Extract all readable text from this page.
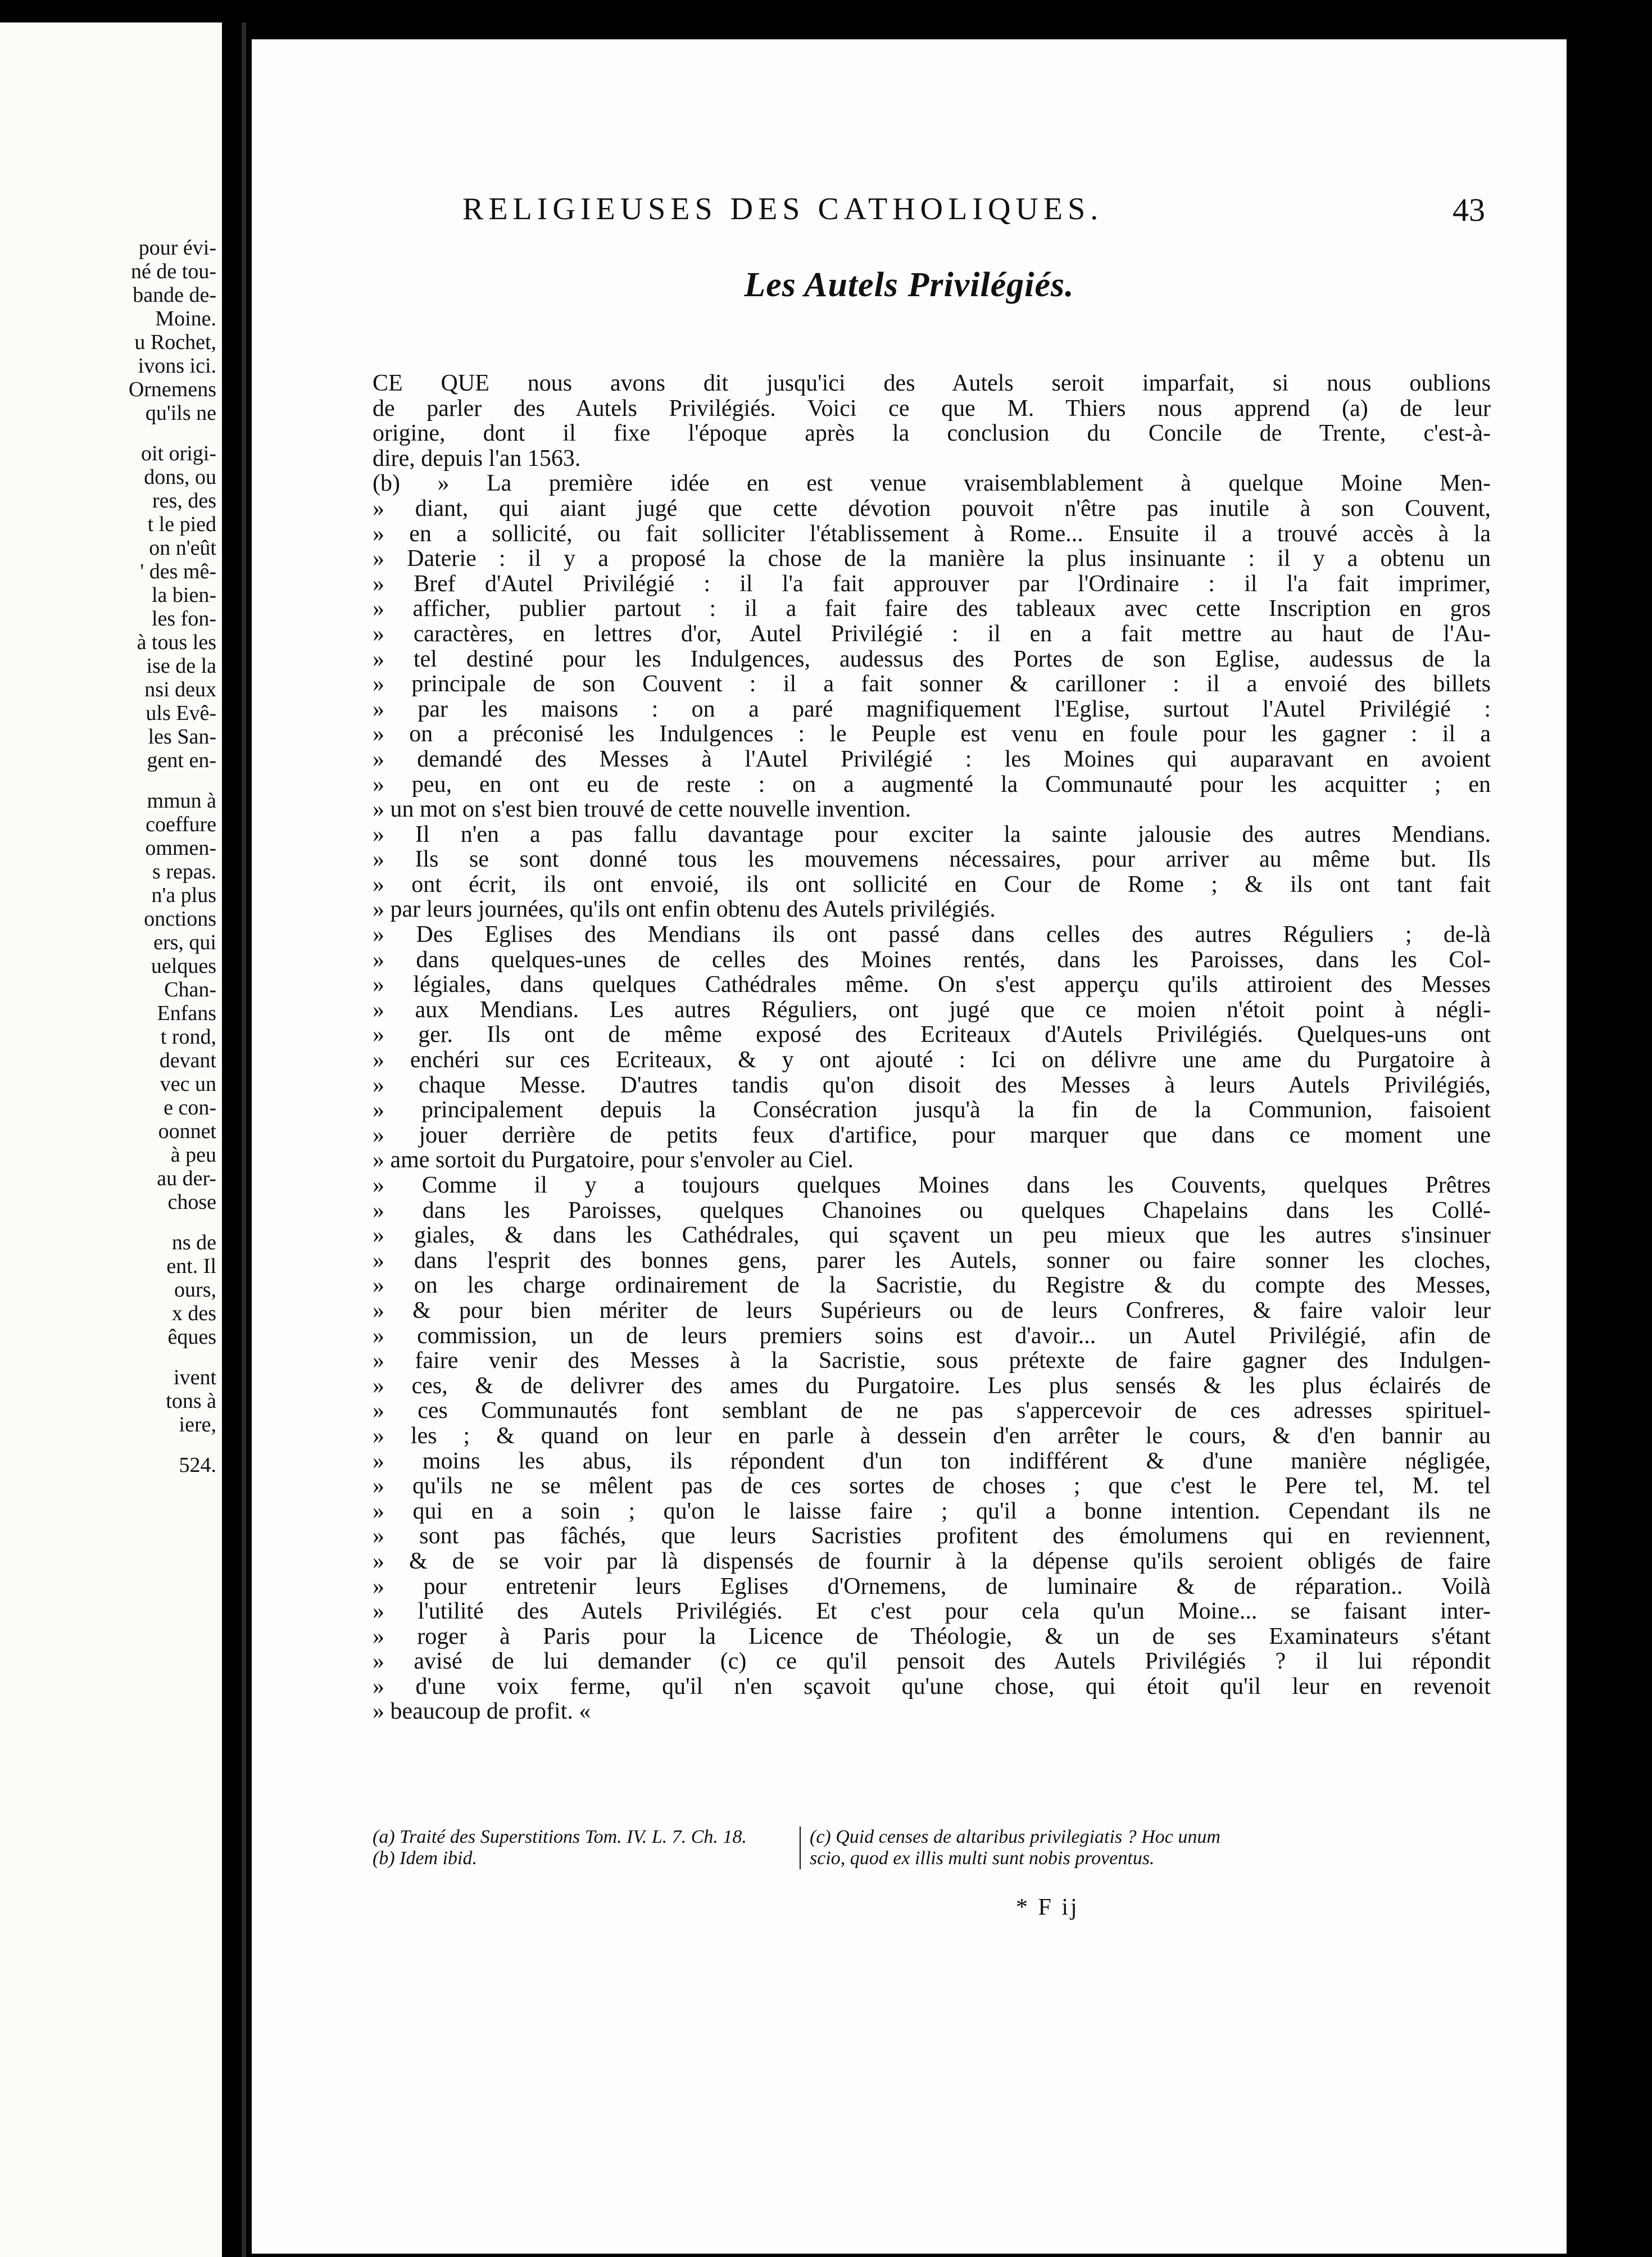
pour évi-
né de tou-
bande de-
Moine.
u Rochet,
ivons ici.
Ornemens
qu'ils ne
oit origi-
dons, ou
res, des
t le pied
on n'eût
' des mê-
la bien-
les fon-
à tous les
ise de la
nsi deux
uls Evê-
les San-
gent en-
mmun à
coeffure
ommen-
s repas.
n'a plus
onctions
ers, qui
uelques
Chan-
Enfans
t rond,
devant
vec un
e con-
oonnet
à peu
au der-
chose
ns de
ent. Il
ours,
x des
êques
ivent
tons à
iere,
524.
RELIGIEUSES DES CATHOLIQUES.	43
Les Autels Privilégiés.
CE QUE nous avons dit jusqu'ici des Autels seroit imparfait, si nous oublions
de parler des Autels Privilégiés. Voici ce que M. Thiers nous apprend (a) de leur
origine, dont il fixe l'époque après la conclusion du Concile de Trente, c'est-à-
dire, depuis l'an 1563.
(b) » La première idée en est venue vraisemblablement à quelque Moine Men-
» diant, qui aiant jugé que cette dévotion pouvoit n'être pas inutile à son Couvent,
» en a sollicité, ou fait solliciter l'établissement à Rome... Ensuite il a trouvé accès à la
» Daterie : il y a proposé la chose de la manière la plus insinuante : il y a obtenu un
» Bref d'Autel Privilégié : il l'a fait approuver par l'Ordinaire : il l'a fait imprimer,
» afficher, publier partout : il a fait faire des tableaux avec cette Inscription en gros
» caractères, en lettres d'or, Autel Privilégié : il en a fait mettre au haut de l'Au-
» tel destiné pour les Indulgences, audessus des Portes de son Eglise, audessus de la
» principale de son Couvent : il a fait sonner & carilloner : il a envoié des billets
» par les maisons : on a paré magnifiquement l'Eglise, surtout l'Autel Privilégié :
» on a préconisé les Indulgences : le Peuple est venu en foule pour les gagner : il a
» demandé des Messes à l'Autel Privilégié : les Moines qui auparavant en avoient
» peu, en ont eu de reste : on a augmenté la Communauté pour les acquitter ; en
» un mot on s'est bien trouvé de cette nouvelle invention.
» Il n'en a pas fallu davantage pour exciter la sainte jalousie des autres Mendians.
» Ils se sont donné tous les mouvemens nécessaires, pour arriver au même but. Ils
» ont écrit, ils ont envoié, ils ont sollicité en Cour de Rome ; & ils ont tant fait
» par leurs journées, qu'ils ont enfin obtenu des Autels privilégiés.
» Des Eglises des Mendians ils ont passé dans celles des autres Réguliers ; de-là
» dans quelques-unes de celles des Moines rentés, dans les Paroisses, dans les Col-
» légiales, dans quelques Cathédrales même. On s'est apperçu qu'ils attiroient des Messes
» aux Mendians. Les autres Réguliers, ont jugé que ce moien n'étoit point à négli-
» ger. Ils ont de même exposé des Ecriteaux d'Autels Privilégiés. Quelques-uns ont
» enchéri sur ces Ecriteaux, & y ont ajouté : Ici on délivre une ame du Purgatoire à
» chaque Messe. D'autres tandis qu'on disoit des Messes à leurs Autels Privilégiés,
» principalement depuis la Consécration jusqu'à la fin de la Communion, faisoient
» jouer derrière de petits feux d'artifice, pour marquer que dans ce moment une
» ame sortoit du Purgatoire, pour s'envoler au Ciel.
» Comme il y a toujours quelques Moines dans les Couvents, quelques Prêtres
» dans les Paroisses, quelques Chanoines ou quelques Chapelains dans les Collé-
» giales, & dans les Cathédrales, qui sçavent un peu mieux que les autres s'insinuer
» dans l'esprit des bonnes gens, parer les Autels, sonner ou faire sonner les cloches,
» on les charge ordinairement de la Sacristie, du Registre & du compte des Messes,
» & pour bien mériter de leurs Supérieurs ou de leurs Confreres, & faire valoir leur
» commission, un de leurs premiers soins est d'avoir... un Autel Privilégié, afin de
» faire venir des Messes à la Sacristie, sous prétexte de faire gagner des Indulgen-
» ces, & de delivrer des ames du Purgatoire. Les plus sensés & les plus éclairés de
» ces Communautés font semblant de ne pas s'appercevoir de ces adresses spirituel-
» les ; & quand on leur en parle à dessein d'en arrêter le cours, & d'en bannir au
» moins les abus, ils répondent d'un ton indifférent & d'une manière négligée,
» qu'ils ne se mêlent pas de ces sortes de choses ; que c'est le Pere tel, M. tel
» qui en a soin ; qu'on le laisse faire ; qu'il a bonne intention. Cependant ils ne
» sont pas fâchés, que leurs Sacristies profitent des émolumens qui en reviennent,
» & de se voir par là dispensés de fournir à la dépense qu'ils seroient obligés de faire
» pour entretenir leurs Eglises d'Ornemens, de luminaire & de réparation.. Voilà
» l'utilité des Autels Privilégiés. Et c'est pour cela qu'un Moine... se faisant inter-
» roger à Paris pour la Licence de Théologie, & un de ses Examinateurs s'étant
» avisé de lui demander (c) ce qu'il pensoit des Autels Privilégiés ? il lui répondit
» d'une voix ferme, qu'il n'en sçavoit qu'une chose, qui étoit qu'il leur en revenoit
» beaucoup de profit. «
(a) Traité des Superstitions Tom. IV. L. 7. Ch. 18.
(b) Idem ibid.
(c) Quid censes de altaribus privilegiatis ? Hoc unum
scio, quod ex illis multi sunt nobis proventus.
* F ij
